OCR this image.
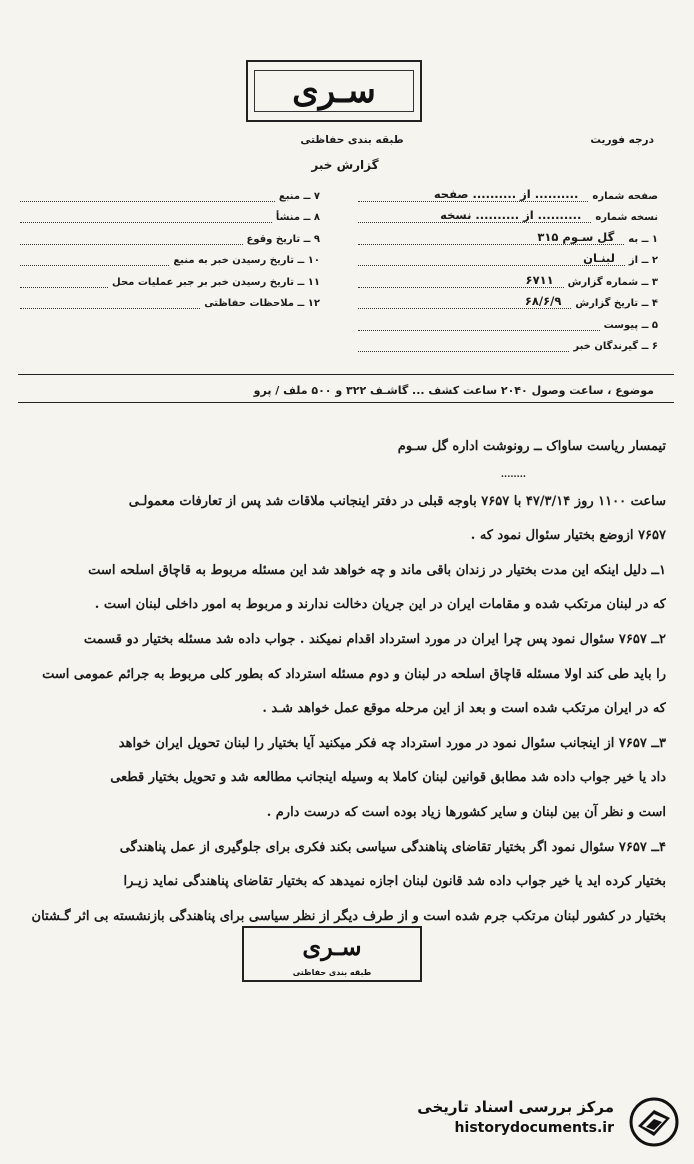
سـری
طبقه بندی حفاظتی	درجه فوریت
گزارش خبر
صفحه شماره
.......... از .......... صفحه
نسخه شماره
.......... از .......... نسخه
۱ ــ به
گل سـوم ۳۱۵
۲ ــ از
لبنـان
۳ ــ شماره گزارش
۶۷۱۱
۴ ــ تاریخ گزارش
۶۸/۶/۹
۵ ــ پیوست
۶ ــ گیرندگان خبر
۷ ــ منبع
۸ ــ منشأ
۹ ــ تاریخ وقوع
۱۰ ــ تاریخ رسیدن خبر به منبع
۱۱ ــ تاریخ رسیدن خبر بر جبر عملیات محل
۱۲ ــ ملاحظات حفاظتی
موضوع ، ساعت وصول ۲۰۴۰ ساعت کشف ... گاشـف ۳۲۲ و ۵۰۰ ملف / پرو
تیمسار ریاست ساواک ــ رونوشت اداره گل سـوم
........
ساعت ۱۱۰۰ روز ۴۷/۳/۱۴ با ۷۶۵۷ باوجه قبلی در دفتر اینجانب ملاقات شد پس از تعارفات معمولـی
۷۶۵۷ ازوضع بختیار سئوال نمود که .
۱ــ دلیل اینکه این مدت بختیار در زندان باقی ماند و چه خواهد شد این مسئله مربوط به قاچاق اسلحه است
که در لبنان مرتکب شده و مقامات ایران در این جریان دخالت ندارند و مربوط به امور داخلی لبنان است .
۲ــ ۷۶۵۷ سئوال نمود پس چرا ایران در مورد استرداد اقدام نمیکند . جواب داده شد مسئله بختیار دو قسمت
را باید طی کند اولا مسئله قاچاق اسلحه در لبنان و دوم مسئله استرداد که بطور کلی مربوط به جرائم عمومی است
که در ایران مرتکب شده است و بعد از این مرحله موقع عمل خواهد شـد .
۳ــ ۷۶۵۷ از اینجانب سئوال نمود در مورد استرداد چه فکر میکنید آیا بختیار را لبنان تحویل ایران خواهد
داد یا خیر جواب داده شد مطابق قوانین لبنان کاملا به وسیله اینجانب مطالعه شد و تحویل بختیار قطعی
است و نظر آن بین لبنان و سایر کشورها زیاد بوده است که درست دارم .
۴ــ ۷۶۵۷ سئوال نمود اگر بختیار تقاضای پناهندگی سیاسی بکند فکری برای جلوگیری از عمل پناهندگی
بختیار کرده اید یا خیر جواب داده شد قانون لبنان اجازه نمیدهد که بختیار تقاضای پناهندگی نماید زیـرا
بختیار در کشور لبنان مرتکب جرم شده است و از طرف دیگر از نظر سیاسی برای پناهندگی بازنشسته بی اثر گـشتان
سـری
طبقه بندی حفاظتی
مرکز بررسی اسناد تاریخی
historydocuments.ir
